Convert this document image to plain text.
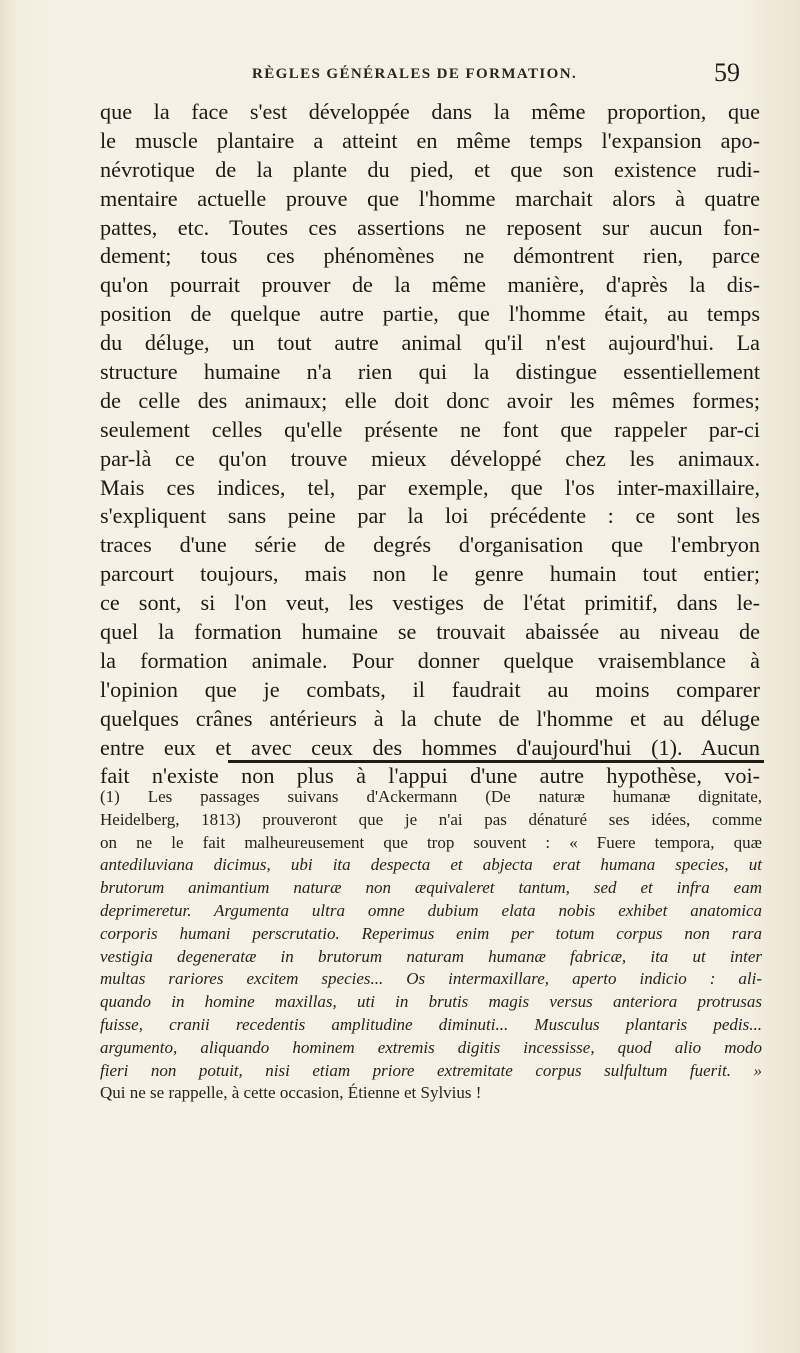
RÈGLES GÉNÉRALES DE FORMATION.	59
que la face s'est développée dans la même proportion, que
le muscle plantaire a atteint en même temps l'expansion apo-
névrotique de la plante du pied, et que son existence rudi-
mentaire actuelle prouve que l'homme marchait alors à quatre
pattes, etc. Toutes ces assertions ne reposent sur aucun fon-
dement; tous ces phénomènes ne démontrent rien, parce
qu'on pourrait prouver de la même manière, d'après la dis-
position de quelque autre partie, que l'homme était, au temps
du déluge, un tout autre animal qu'il n'est aujourd'hui. La
structure humaine n'a rien qui la distingue essentiellement
de celle des animaux; elle doit donc avoir les mêmes formes;
seulement celles qu'elle présente ne font que rappeler par-ci
par-là ce qu'on trouve mieux développé chez les animaux.
Mais ces indices, tel, par exemple, que l'os inter-maxillaire,
s'expliquent sans peine par la loi précédente : ce sont les
traces d'une série de degrés d'organisation que l'embryon
parcourt toujours, mais non le genre humain tout entier;
ce sont, si l'on veut, les vestiges de l'état primitif, dans le-
quel la formation humaine se trouvait abaissée au niveau de
la formation animale. Pour donner quelque vraisemblance à
l'opinion que je combats, il faudrait au moins comparer
quelques crânes antérieurs à la chute de l'homme et au déluge
entre eux et avec ceux des hommes d'aujourd'hui (1). Aucun
fait n'existe non plus à l'appui d'une autre hypothèse, voi-
(1) Les passages suivans d'Ackermann (De naturæ humanæ dignitate,
Heidelberg, 1813) prouveront que je n'ai pas dénaturé ses idées, comme
on ne le fait malheureusement que trop souvent : « Fuere tempora, quæ
antediluviana dicimus, ubi ita despecta et abjecta erat humana species, ut
brutorum animantium naturæ non æquivaleret tantum, sed et infra eam
deprimeretur. Argumenta ultra omne dubium elata nobis exhibet anatomica
corporis humani perscrutatio. Reperimus enim per totum corpus non rara
vestigia degeneratæ in brutorum naturam humanæ fabricæ, ita ut inter
multas rariores excitem species... Os intermaxillare, aperto indicio : ali-
quando in homine maxillas, uti in brutis magis versus anteriora protrusas
fuisse, cranii recedentis amplitudine diminuti... Musculus plantaris pedis...
argumento, aliquando hominem extremis digitis incessisse, quod alio modo
fieri non potuit, nisi etiam priore extremitate corpus sulfultum fuerit. »
Qui ne se rappelle, à cette occasion, Étienne et Sylvius !
